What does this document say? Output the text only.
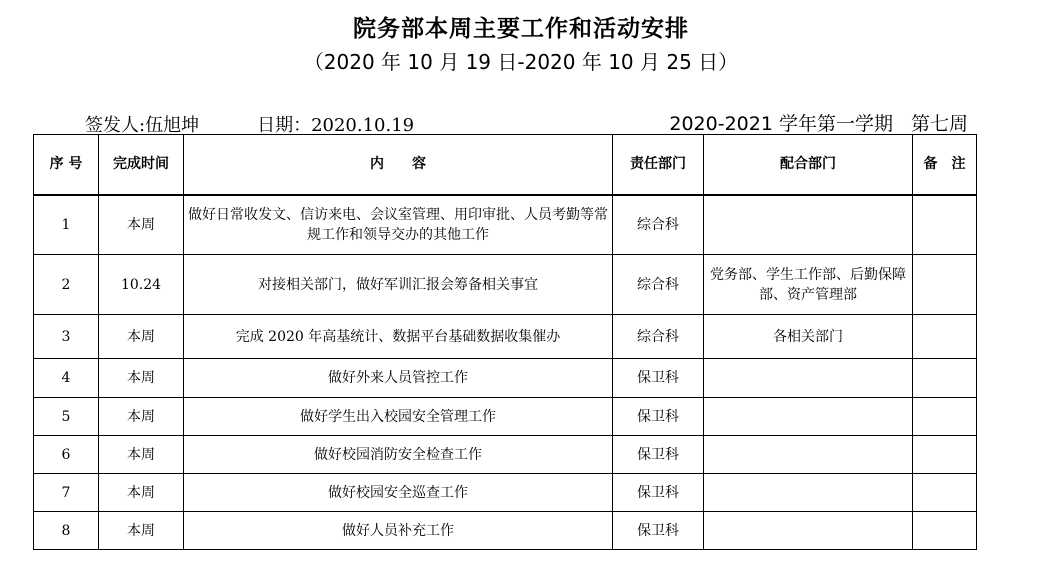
院务部本周主要工作和活动安排
（2020 年 10 月 19 日-2020 年 10 月 25 日）
签发人:伍旭坤	日期：2020.10.19	2020-2021 学年第一学期 第七周
序 号	完成时间	内　　容	责任部门	配合部门	备　注
1	本周	做好日常收发文、信访来电、会议室管理、用印审批、人员考勤等常规工作和领导交办的其他工作	综合科		
2	10.24	对接相关部门，做好军训汇报会筹备相关事宜	综合科	党务部、学生工作部、后勤保障部、资产管理部	
3	本周	完成 2020 年高基统计、数据平台基础数据收集催办	综合科	各相关部门	
4	本周	做好外来人员管控工作	保卫科		
5	本周	做好学生出入校园安全管理工作	保卫科		
6	本周	做好校园消防安全检查工作	保卫科		
7	本周	做好校园安全巡查工作	保卫科		
8	本周	做好人员补充工作	保卫科		
